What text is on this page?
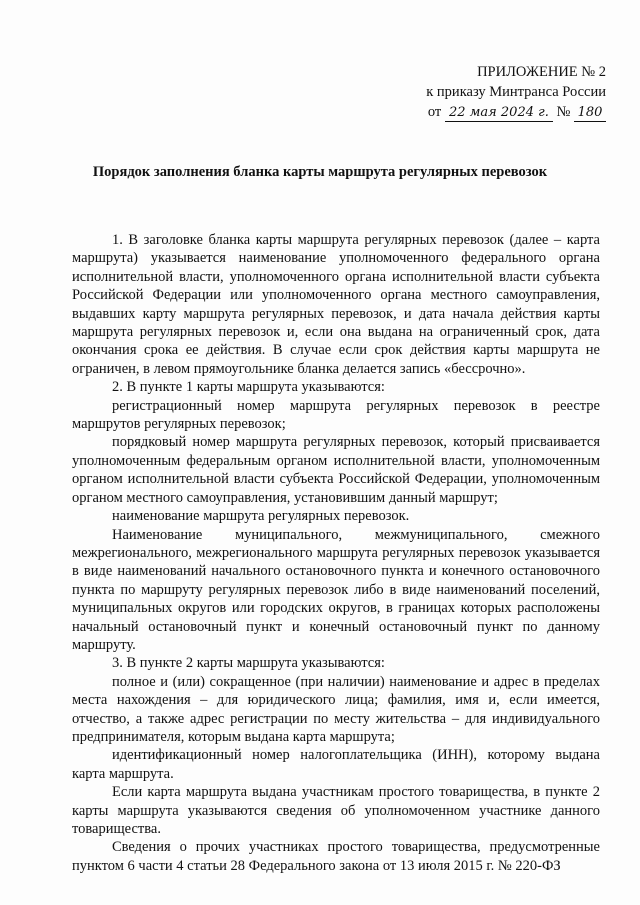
ПРИЛОЖЕНИЕ № 2
к приказу Минтранса России
от 22 мая 2024 г. № 180
Порядок заполнения бланка карты маршрута регулярных перевозок

1. В заголовке бланка карты маршрута регулярных перевозок (далее – карта маршрута) указывается наименование уполномоченного федерального органа исполнительной власти, уполномоченного органа исполнительной власти субъекта Российской Федерации или уполномоченного органа местного самоуправления, выдавших карту маршрута регулярных перевозок, и дата начала действия карты маршрута регулярных перевозок и, если она выдана на ограниченный срок, дата окончания срока ее действия. В случае если срок действия карты маршрута не ограничен, в левом прямоугольнике бланка делается запись «бессрочно».

2. В пункте 1 карты маршрута указываются:

регистрационный номер маршрута регулярных перевозок в реестре маршрутов регулярных перевозок;

порядковый номер маршрута регулярных перевозок, который присваивается уполномоченным федеральным органом исполнительной власти, уполномоченным органом исполнительной власти субъекта Российской Федерации, уполномоченным органом местного самоуправления, установившим данный маршрут;

наименование маршрута регулярных перевозок.

Наименование муниципального, межмуниципального, смежного межрегионального, межрегионального маршрута регулярных перевозок указывается в виде наименований начального остановочного пункта и конечного остановочного пункта по маршруту регулярных перевозок либо в виде наименований поселений, муниципальных округов или городских округов, в границах которых расположены начальный остановочный пункт и конечный остановочный пункт по данному маршруту.

3. В пункте 2 карты маршрута указываются:

полное и (или) сокращенное (при наличии) наименование и адрес в пределах места нахождения – для юридического лица; фамилия, имя и, если имеется, отчество, а также адрес регистрации по месту жительства – для индивидуального предпринимателя, которым выдана карта маршрута;

идентификационный номер налогоплательщика (ИНН), которому выдана карта маршрута.

Если карта маршрута выдана участникам простого товарищества, в пункте 2 карты маршрута указываются сведения об уполномоченном участнике данного товарищества.

Сведения о прочих участниках простого товарищества, предусмотренные пунктом 6 части 4 статьи 28 Федерального закона от 13 июля 2015 г. № 220-ФЗ
